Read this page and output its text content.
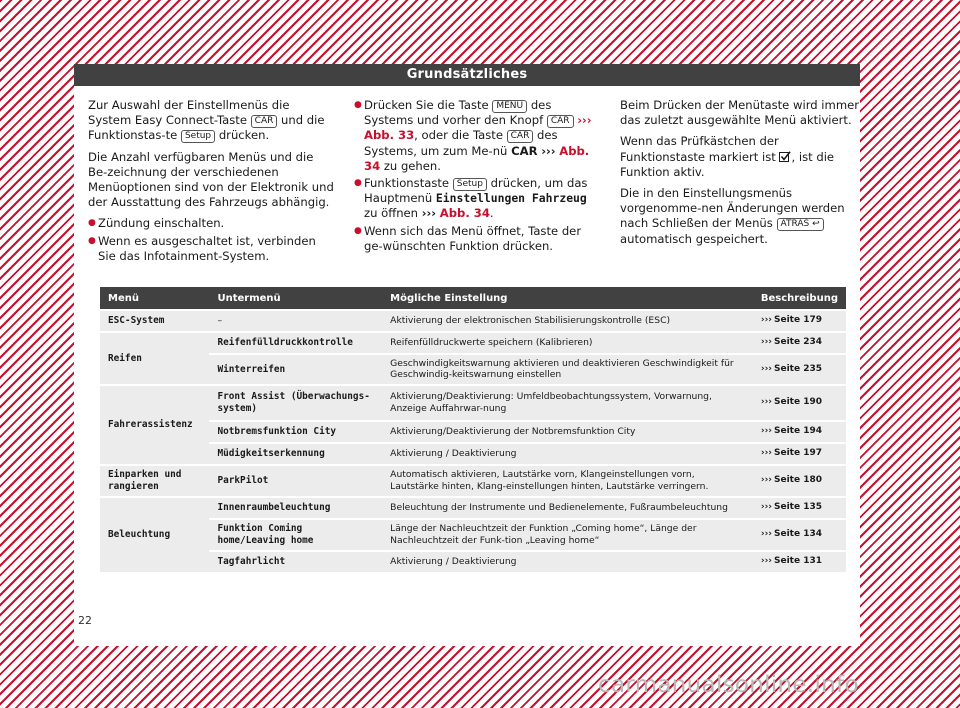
Grundsätzliches

Zur Auswahl der Einstellmenüs die System Easy Connect-Taste CAR und die Funktionstas-te Setup drücken.

Die Anzahl verfügbaren Menüs und die Be-zeichnung der verschiedenen Menüoptionen sind von der Elektronik und der Ausstattung des Fahrzeugs abhängig.

● Zündung einschalten.

● Wenn es ausgeschaltet ist, verbinden Sie das Infotainment-System.

● Drücken Sie die Taste MENU des Systems und vorher den Knopf CAR ››› Abb. 33, oder die Taste CAR des Systems, um zum Me-nü CAR ››› Abb. 34 zu gehen.

● Funktionstaste Setup drücken, um das Hauptmenü Einstellungen Fahrzeug zu öffnen ››› Abb. 34.

● Wenn sich das Menü öffnet, Taste der ge-wünschten Funktion drücken.

Beim Drücken der Menütaste wird immer das zuletzt ausgewählte Menü aktiviert.

Wenn das Prüfkästchen der Funktionstaste markiert ist , ist die Funktion aktiv.

Die in den Einstellungsmenüs vorgenomme-nen Änderungen werden nach Schließen der Menüs ATRAS ↩ automatisch gespeichert.

Menü	Untermenü	Mögliche Einstellung	Beschreibung
ESC-System	–	Aktivierung der elektronischen Stabilisierungskontrolle (ESC)	››› Seite 179
Reifen	Reifenfülldruckkontrolle	Reifenfülldruckwerte speichern (Kalibrieren)	››› Seite 234
	Winterreifen	Geschwindigkeitswarnung aktivieren und deaktivieren Geschwindigkeit für Geschwindig-keitswarnung einstellen	››› Seite 235
Fahrerassistenz	Front Assist (Überwachungs-system)	Aktivierung/Deaktivierung: Umfeldbeobachtungssystem, Vorwarnung, Anzeige Auffahrwar-nung	››› Seite 190
	Notbremsfunktion City	Aktivierung/Deaktivierung der Notbremsfunktion City	››› Seite 194
	Müdigkeitserkennung	Aktivierung / Deaktivierung	››› Seite 197
Einparken und rangieren	ParkPilot	Automatisch aktivieren, Lautstärke vorn, Klangeinstellungen vorn, Lautstärke hinten, Klang-einstellungen hinten, Lautstärke verringern.	››› Seite 180
Beleuchtung	Innenraumbeleuchtung	Beleuchtung der Instrumente und Bedienelemente, Fußraumbeleuchtung	››› Seite 135
	Funktion Coming home/Leaving home	Länge der Nachleuchtzeit der Funktion „Coming home“, Länge der Nachleuchtzeit der Funk-tion „Leaving home“	››› Seite 134
	Tagfahrlicht	Aktivierung / Deaktivierung	››› Seite 131
22
carmanualsonline.info
